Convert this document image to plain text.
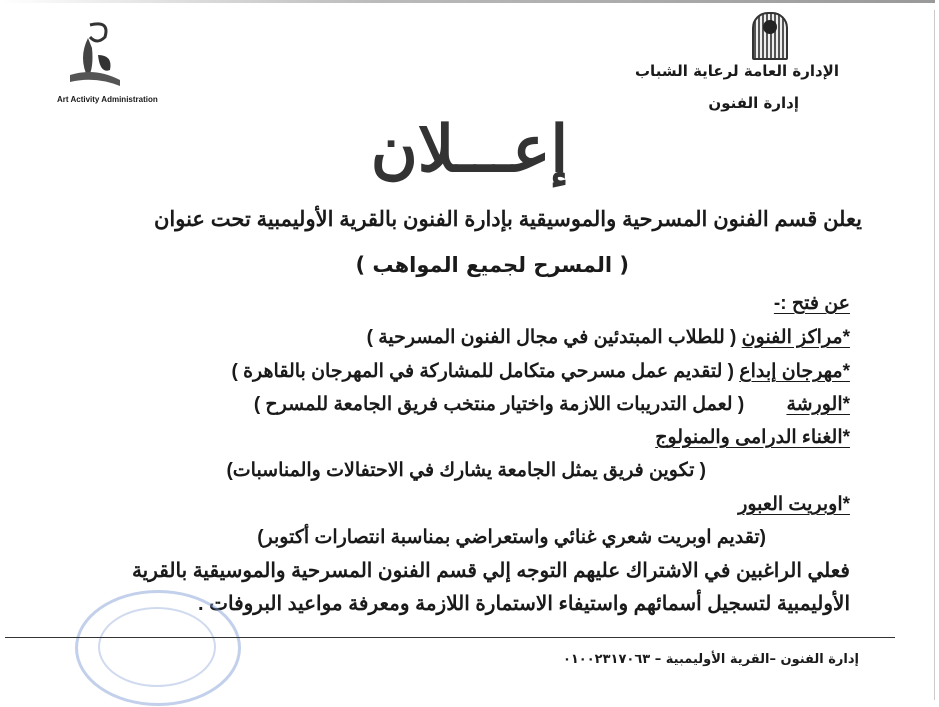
الإدارة العامة لرعاية الشباب
إدارة الفنون
Art Activity Administration
إعـــلان
يعلن قسم الفنون المسرحية والموسيقية بإدارة الفنون بالقرية الأوليمبية تحت عنوان
( المسرح لجميع المواهب )
عن فتح :-
*مراكز الفنون ( للطلاب المبتدئين في مجال الفنون المسرحية )
*مهرجان إبداع ( لتقديم عمل مسرحي متكامل للمشاركة في المهرجان بالقاهرة )
*الورشة        ( لعمل التدريبات اللازمة واختيار منتخب فريق الجامعة للمسرح )
*الغناء الدرامى والمنولوج
( تكوين فريق يمثل الجامعة يشارك في الاحتفالات والمناسبات)
*اوبريت العبور
(تقديم اوبريت شعري غنائي واستعراضي بمناسبة انتصارات أكتوبر)
فعلي الراغبين في الاشتراك عليهم التوجه إلي قسم الفنون المسرحية والموسيقية بالقرية
الأوليمبية لتسجيل أسمائهم واستيفاء الاستمارة اللازمة ومعرفة مواعيد البروفات .
إدارة الفنون –القرية الأوليمبية – ٠١٠٠٢٣١٧٠٦٣
